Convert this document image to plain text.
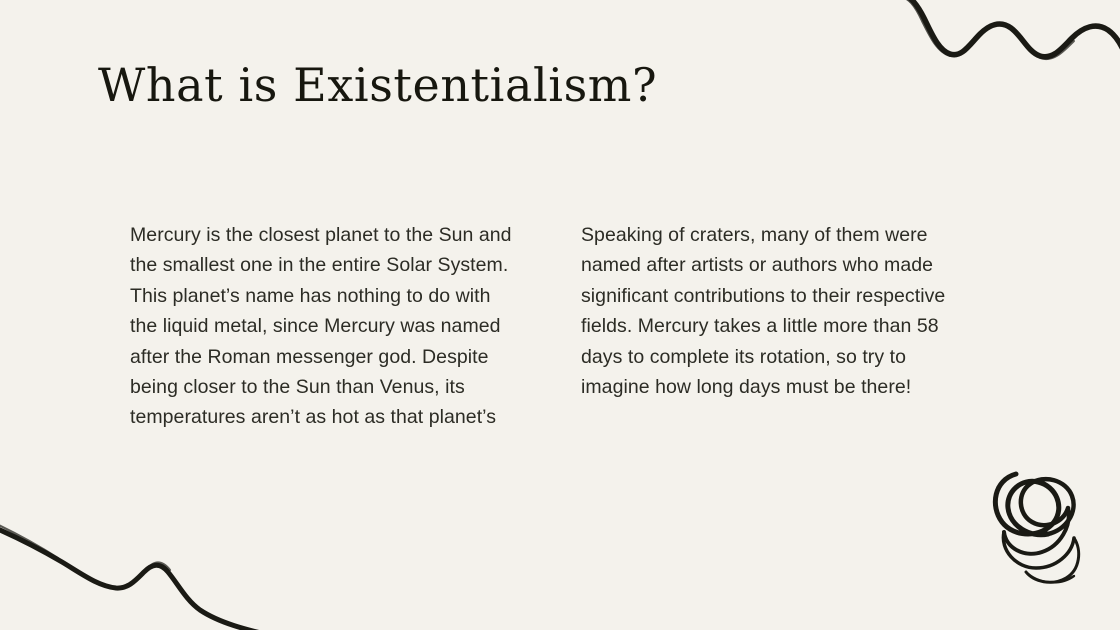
What is Existentialism?

Mercury is the closest planet to the Sun and the smallest one in the entire Solar System. This planet’s name has nothing to do with the liquid metal, since Mercury was named after the Roman messenger god. Despite being closer to the Sun than Venus, its temperatures aren’t as hot as that planet’s

Speaking of craters, many of them were named after artists or authors who made significant contributions to their respective fields. Mercury takes a little more than 58 days to complete its rotation, so try to imagine how long days must be there!
